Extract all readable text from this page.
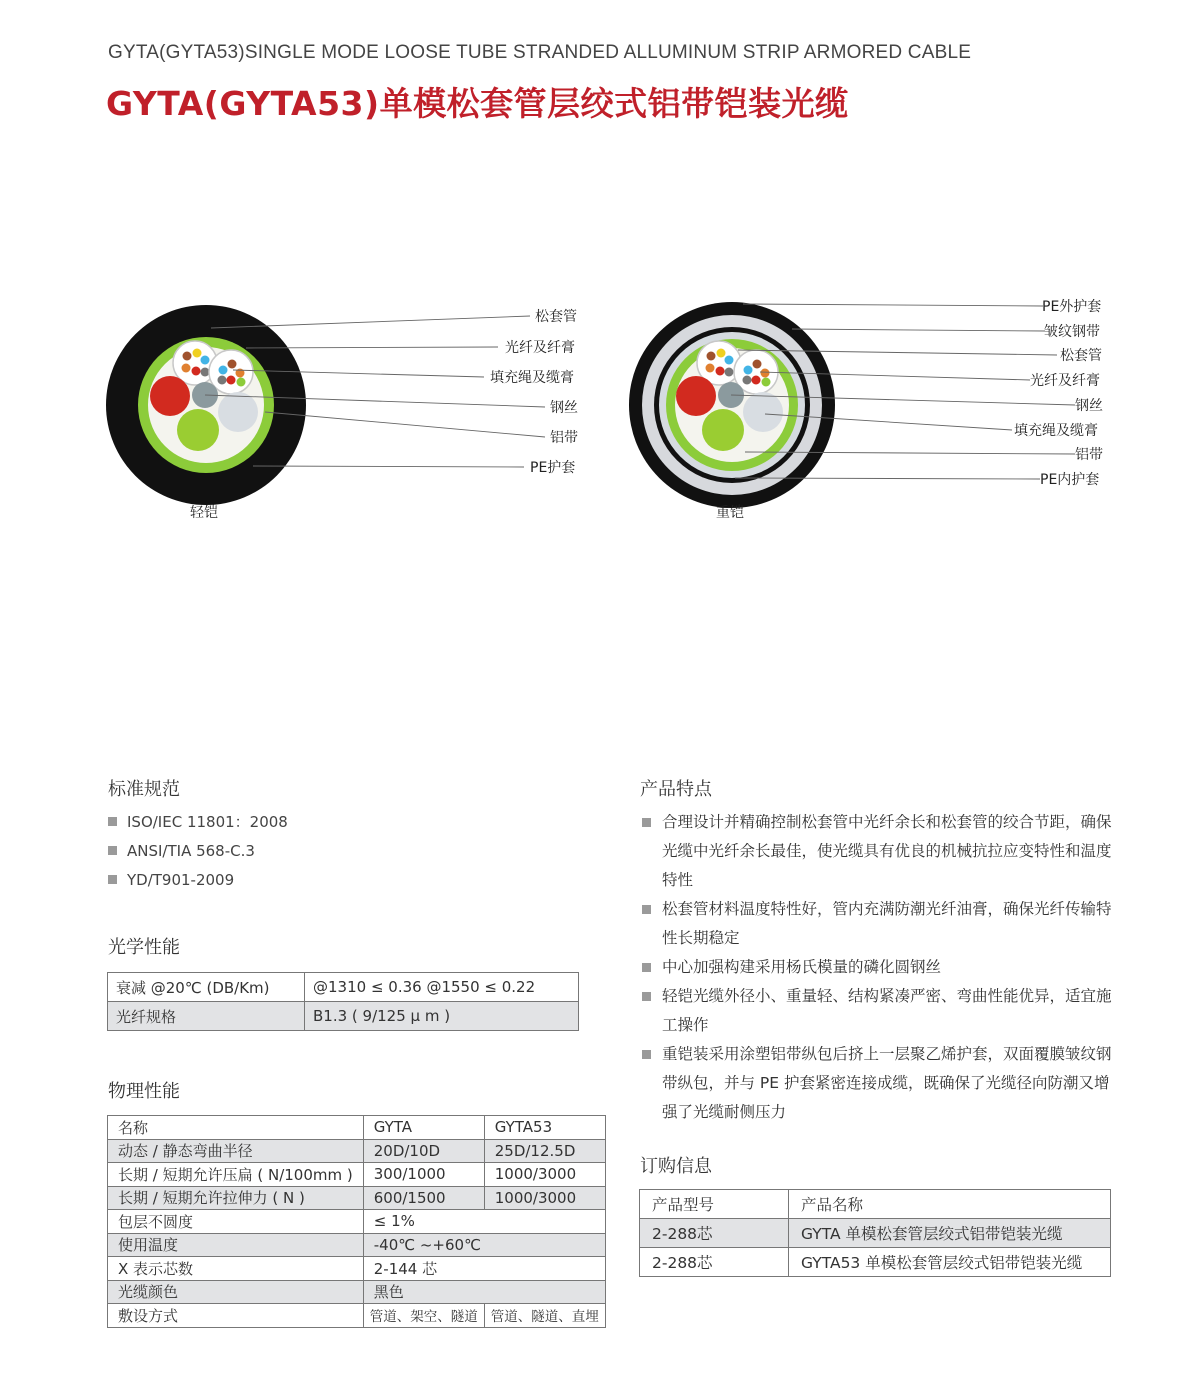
GYTA(GYTA53)SINGLE MODE LOOSE TUBE STRANDED ALLUMINUM STRIP ARMORED CABLE
GYTA(GYTA53)单模松套管层绞式铝带铠装光缆
松套管
光纤及纤膏
填充绳及缆膏
钢丝
铝带
PE护套
轻铠
PE外护套
皱纹钢带
松套管
光纤及纤膏
钢丝
填充绳及缆膏
铝带
PE内护套
重铠
标准规范
ISO/IEC 11801：2008
ANSI/TIA 568-C.3
YD/T901-2009
光学性能
衰减 @20℃ (DB/Km)	@1310 ≤ 0.36 @1550 ≤ 0.22
光纤规格	B1.3 ( 9/125 μ m )
物理性能
名称	GYTA	GYTA53
动态 / 静态弯曲半径	20D/10D	25D/12.5D
长期 / 短期允许压扁 ( N/100mm )	300/1000	1000/3000
长期 / 短期允许拉伸力 ( N )	600/1500	1000/3000
包层不圆度	≤ 1%	
使用温度	-40℃ ~+60℃	
X 表示芯数	2-144 芯	
光缆颜色	黑色	
敷设方式	管道、架空、隧道	管道、隧道、直埋
产品特点
合理设计并精确控制松套管中光纤余长和松套管的绞合节距，确保光缆中光纤余长最佳，使光缆具有优良的机械抗拉应变特性和温度特性
松套管材料温度特性好，管内充满防潮光纤油膏，确保光纤传输特性长期稳定
中心加强构建采用杨氏模量的磷化圆钢丝
轻铠光缆外径小、重量轻、结构紧凑严密、弯曲性能优异，适宜施工操作
重铠装采用涂塑铝带纵包后挤上一层聚乙烯护套，双面覆膜皱纹钢带纵包，并与 PE 护套紧密连接成缆，既确保了光缆径向防潮又增强了光缆耐侧压力
订购信息
产品型号	产品名称
2-288芯	GYTA 单模松套管层绞式铝带铠装光缆
2-288芯	GYTA53 单模松套管层绞式铝带铠装光缆
